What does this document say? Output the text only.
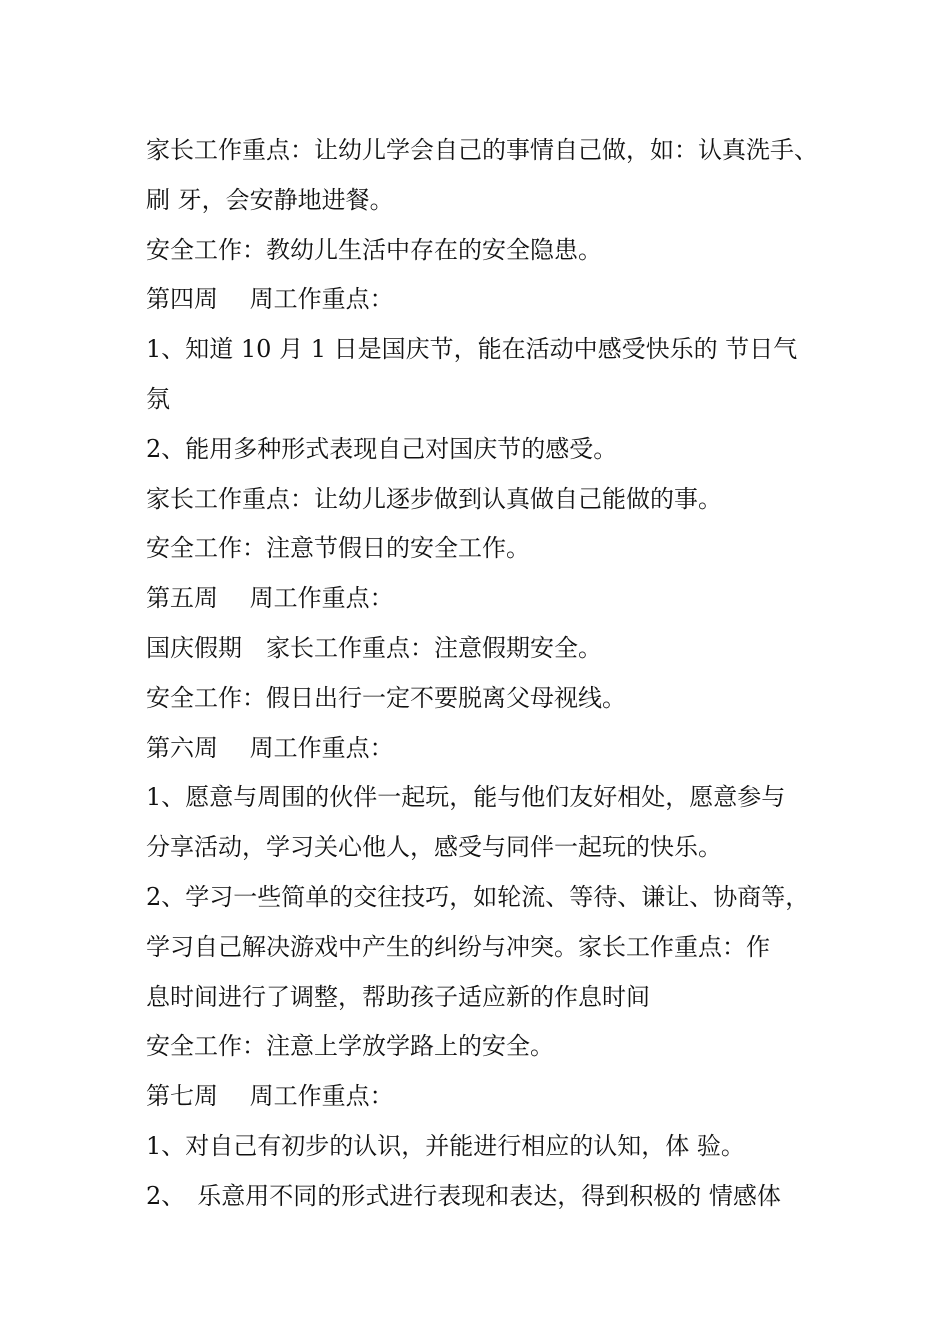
家长工作重点：让幼儿学会自己的事情自己做，如：认真洗手、
刷 牙，会安静地进餐。
安全工作：教幼儿生活中存在的安全隐患。
第四周　 周工作重点：
1、知道 10 月 1 日是国庆节，能在活动中感受快乐的 节日气
氛
2、能用多种形式表现自己对国庆节的感受。
家长工作重点：让幼儿逐步做到认真做自己能做的事。
安全工作：注意节假日的安全工作。
第五周　 周工作重点：
国庆假期　家长工作重点：注意假期安全。
安全工作：假日出行一定不要脱离父母视线。
第六周　 周工作重点：
1、愿意与周围的伙伴一起玩，能与他们友好相处，愿意参与
分享活动，学习关心他人，感受与同伴一起玩的快乐。
2、学习一些简单的交往技巧，如轮流、等待、谦让、协商等，
学习自己解决游戏中产生的纠纷与冲突。家长工作重点：作
息时间进行了调整，帮助孩子适应新的作息时间
安全工作：注意上学放学路上的安全。
第七周　 周工作重点：
1、对自己有初步的认识，并能进行相应的认知，体 验。
2、　乐意用不同的形式进行表现和表达，得到积极的 情感体
